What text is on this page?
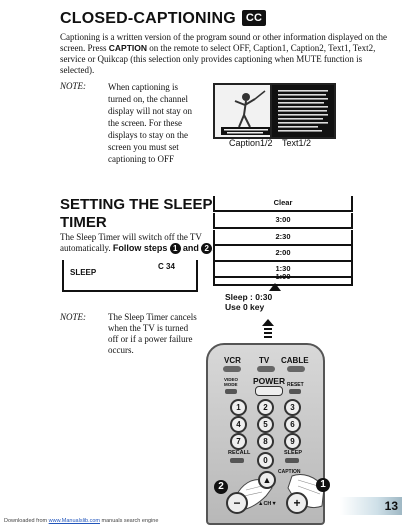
CLOSED-CAPTIONING CC
Captioning is a written version of the program sound or other information displayed on the screen. Press CAPTION on the remote to select OFF, Caption1, Caption2, Text1, Text2, service or Quikcap (this selection only provides captioning when MUTE function is selected).
NOTE: When captioning is turned on, the channel display will not stay on the screen. For these displays to stay on the screen you must set captioning to OFF
Caption1/2 Text1/2
SETTING THE SLEEP TIMER
The Sleep Timer will switch off the TV automatically. Follow steps 1 and 2 .
C 34
SLEEP
NOTE: The Sleep Timer cancels when the TV is turned off or if a power failure occurs.
Clear
3:00
2:30
2:00
1:30
1:00
Sleep : 0:30
Use 0 key
VCR TV CABLE
VIDEO MODE POWER RESET
1	2	3
4	5	6
7	8	9
RECALL	SLEEP
0
CAPTION
▲
−	▲CH▼	+
2	1
13
Downloaded from www.Manualslib.com manuals search engine
